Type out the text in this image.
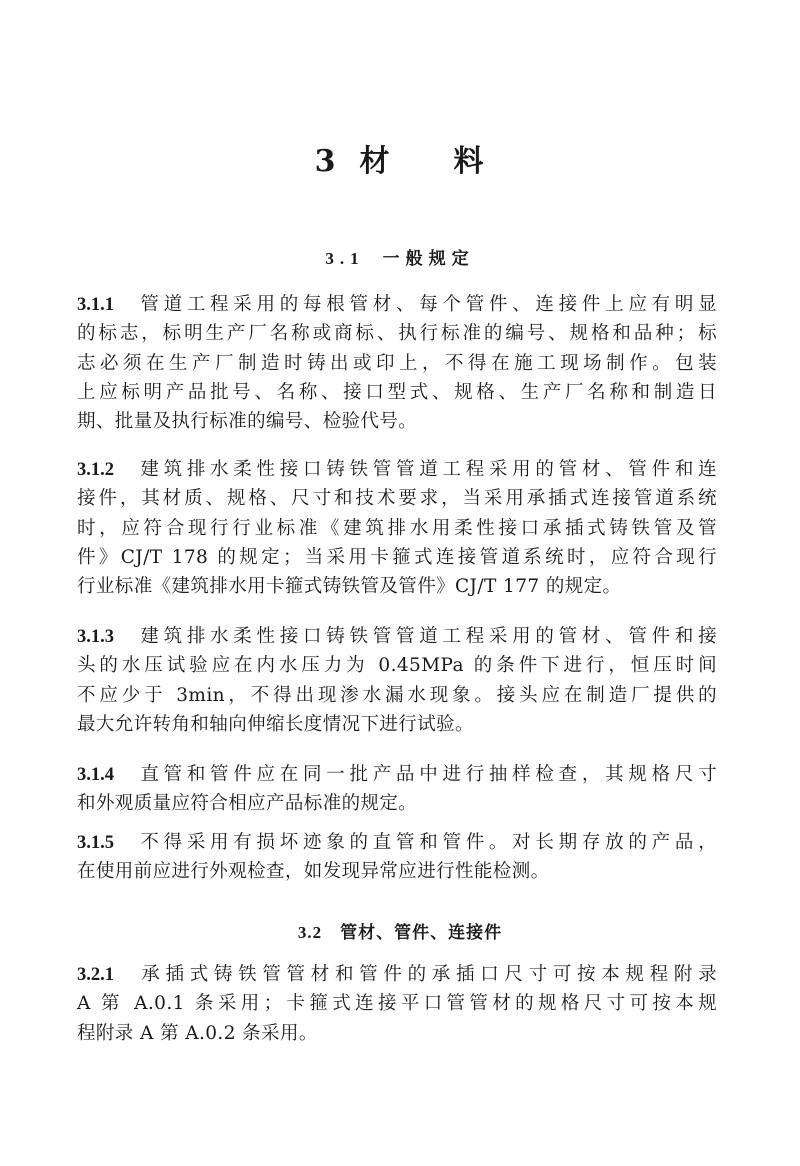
3 材 料
3.1 一般规定
3.1.1 管道工程采用的每根管材、每个管件、连接件上应有明显
的标志，标明生产厂名称或商标、执行标准的编号、规格和品种；标
志必须在生产厂制造时铸出或印上，不得在施工现场制作。包装
上应标明产品批号、名称、接口型式、规格、生产厂名称和制造日
期、批量及执行标准的编号、检验代号。
3.1.2 建筑排水柔性接口铸铁管管道工程采用的管材、管件和连
接件，其材质、规格、尺寸和技术要求，当采用承插式连接管道系统
时，应符合现行行业标准《建筑排水用柔性接口承插式铸铁管及管
件》CJ/T 178 的规定；当采用卡箍式连接管道系统时，应符合现行
行业标准《建筑排水用卡箍式铸铁管及管件》CJ/T 177 的规定。
3.1.3 建筑排水柔性接口铸铁管管道工程采用的管材、管件和接
头的水压试验应在内水压力为 0.45MPa 的条件下进行，恒压时间
不应少于 3min，不得出现渗水漏水现象。接头应在制造厂提供的
最大允许转角和轴向伸缩长度情况下进行试验。
3.1.4 直管和管件应在同一批产品中进行抽样检查，其规格尺寸
和外观质量应符合相应产品标准的规定。
3.1.5 不得采用有损坏迹象的直管和管件。对长期存放的产品，
在使用前应进行外观检查，如发现异常应进行性能检测。
3.2 管材、管件、连接件
3.2.1 承插式铸铁管管材和管件的承插口尺寸可按本规程附录
A 第 A.0.1 条采用；卡箍式连接平口管管材的规格尺寸可按本规
程附录 A 第 A.0.2 条采用。
